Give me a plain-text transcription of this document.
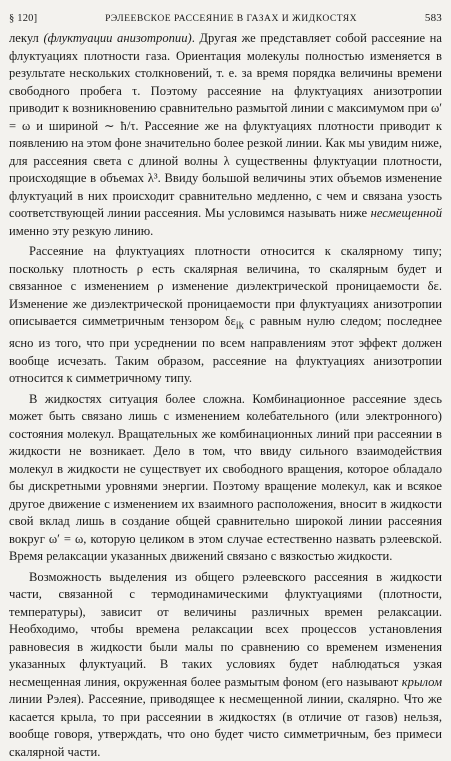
§ 120]	РЭЛЕЕВСКОЕ РАССЕЯНИЕ В ГАЗАХ И ЖИДКОСТЯХ	583

лекул (флуктуации анизотропии). Другая же представляет собой рассеяние на флуктуациях плотности газа. Ориентация молекулы полностью изменяется в результате нескольких столкновений, т. е. за время порядка величины времени свободного пробега τ. Поэтому рассеяние на флуктуациях анизотропии приводит к возникновению сравнительно размытой линии с максимумом при ω′ = ω и шириной ∼ ħ/τ. Рассеяние же на флуктуациях плотности приводит к появлению на этом фоне значительно более резкой линии. Как мы увидим ниже, для рассеяния света с длиной волны λ существенны флуктуации плотности, происходящие в объемах λ³. Ввиду большой величины этих объемов изменение флуктуаций в них происходит сравнительно медленно, с чем и связана узость соответствующей линии рассеяния. Мы условимся называть ниже несмещенной именно эту резкую линию.

Рассеяние на флуктуациях плотности относится к скалярному типу; поскольку плотность ρ есть скалярная величина, то скалярным будет и связанное с изменением ρ изменение диэлектрической проницаемости δε. Изменение же диэлектрической проницаемости при флуктуациях анизотропии описывается симметричным тензором $\delta\varepsilon_{ik}$ с равным нулю следом; последнее ясно из того, что при усреднении по всем направлениям этот эффект должен вообще исчезать. Таким образом, рассеяние на флуктуациях анизотропии относится к симметричному типу.

В жидкостях ситуация более сложна. Комбинационное рассеяние здесь может быть связано лишь с изменением колебательного (или электронного) состояния молекул. Вращательных же комбинационных линий при рассеянии в жидкости не возникает. Дело в том, что ввиду сильного взаимодействия молекул в жидкости не существует их свободного вращения, которое обладало бы дискретными уровнями энергии. Поэтому вращение молекул, как и всякое другое движение с изменением их взаимного расположения, вносит в жидкости свой вклад лишь в создание общей сравнительно широкой линии рассеяния вокруг ω′ = ω, которую целиком в этом случае естественно назвать рэлеевской. Время релаксации указанных движений связано с вязкостью жидкости.

Возможность выделения из общего рэлеевского рассеяния в жидкости части, связанной с термодинамическими флуктуациями (плотности, температуры), зависит от величины различных времен релаксации. Необходимо, чтобы времена релаксации всех процессов установления равновесия в жидкости были малы по сравнению со временем изменения указанных флуктуаций. В таких условиях будет наблюдаться узкая несмещенная линия, окруженная более размытым фоном (его называют крылом линии Рэлея). Рассеяние, приводящее к несмещенной линии, скалярно. Что же касается крыла, то при рассеянии в жидкостях (в отличие от газов) нельзя, вообще говоря, утверждать, что оно будет чисто симметричным, без примеси скалярной части.
